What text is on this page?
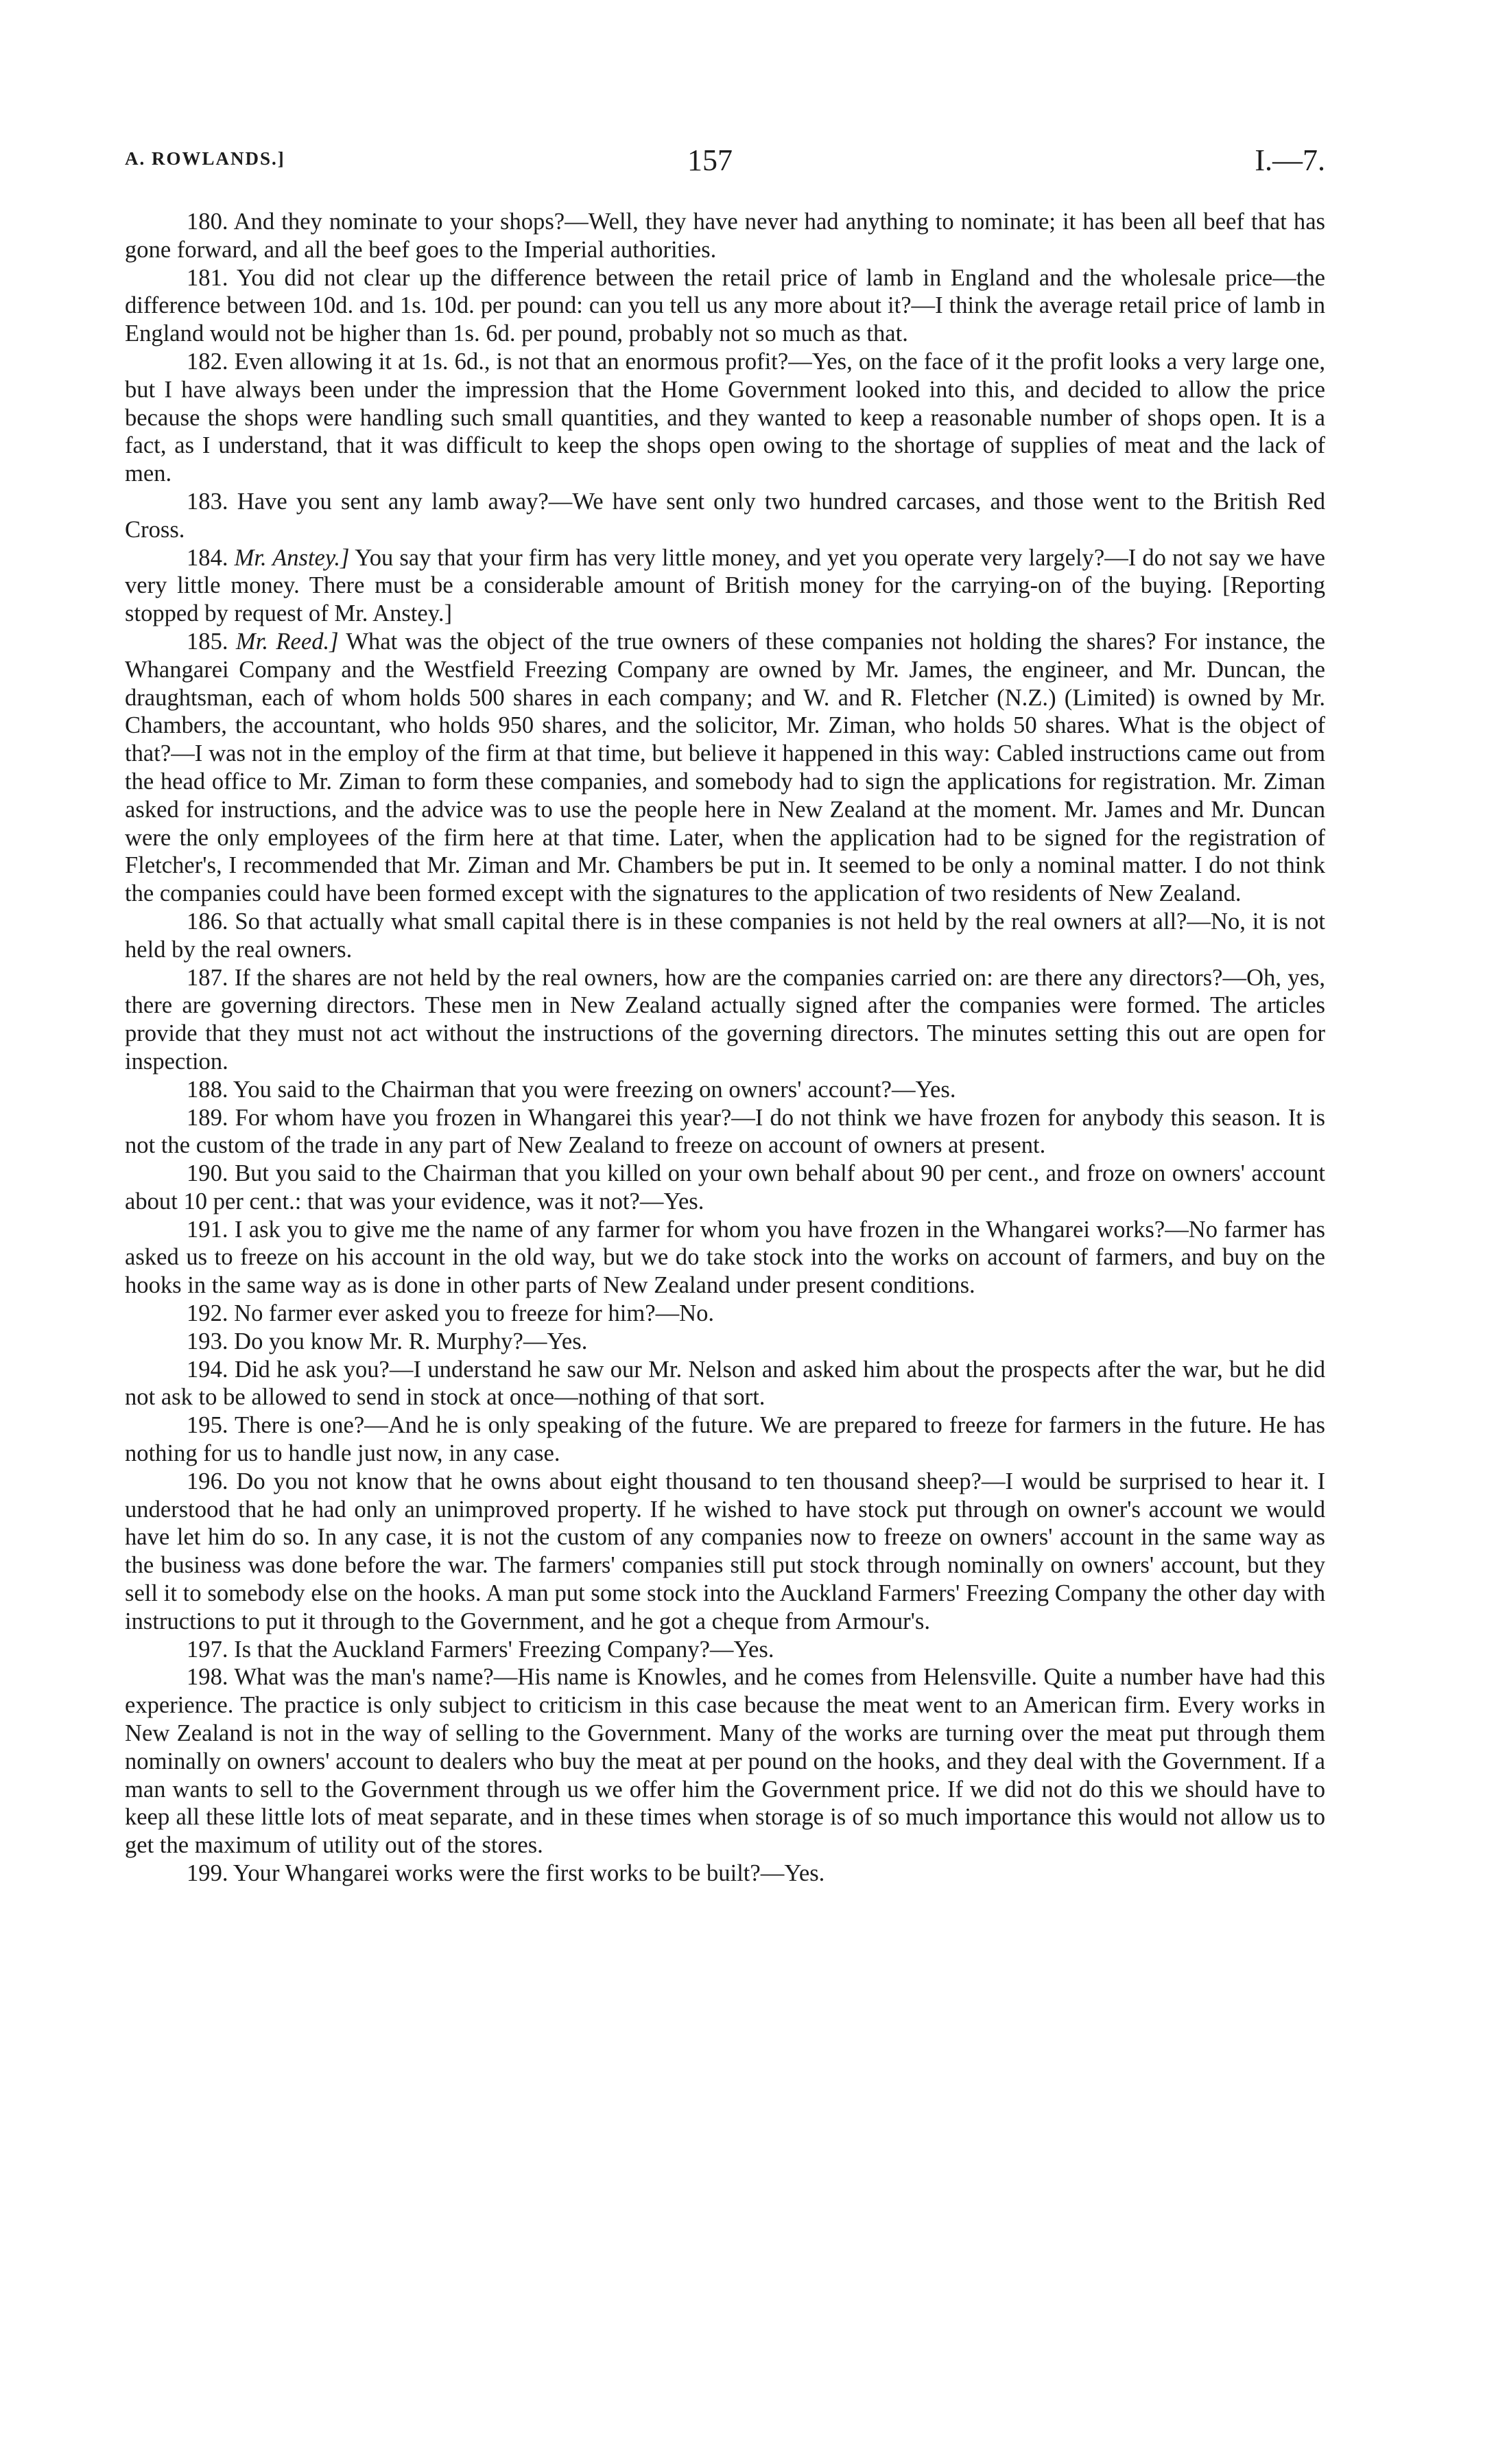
A. ROWLANDS.]	157	I.—7.

180. And they nominate to your shops?—Well, they have never had anything to nominate; it has been all beef that has gone forward, and all the beef goes to the Imperial authorities.

181. You did not clear up the difference between the retail price of lamb in England and the wholesale price—the difference between 10d. and 1s. 10d. per pound: can you tell us any more about it?—I think the average retail price of lamb in England would not be higher than 1s. 6d. per pound, probably not so much as that.

182. Even allowing it at 1s. 6d., is not that an enormous profit?—Yes, on the face of it the profit looks a very large one, but I have always been under the impression that the Home Government looked into this, and decided to allow the price because the shops were handling such small quantities, and they wanted to keep a reasonable number of shops open. It is a fact, as I understand, that it was difficult to keep the shops open owing to the shortage of supplies of meat and the lack of men.

183. Have you sent any lamb away?—We have sent only two hundred carcases, and those went to the British Red Cross.

184. Mr. Anstey.] You say that your firm has very little money, and yet you operate very largely?—I do not say we have very little money. There must be a considerable amount of British money for the carrying-on of the buying. [Reporting stopped by request of Mr. Anstey.]

185. Mr. Reed.] What was the object of the true owners of these companies not holding the shares? For instance, the Whangarei Company and the Westfield Freezing Company are owned by Mr. James, the engineer, and Mr. Duncan, the draughtsman, each of whom holds 500 shares in each company; and W. and R. Fletcher (N.Z.) (Limited) is owned by Mr. Chambers, the accountant, who holds 950 shares, and the solicitor, Mr. Ziman, who holds 50 shares. What is the object of that?—I was not in the employ of the firm at that time, but believe it happened in this way: Cabled instructions came out from the head office to Mr. Ziman to form these companies, and somebody had to sign the applications for registration. Mr. Ziman asked for instructions, and the advice was to use the people here in New Zealand at the moment. Mr. James and Mr. Duncan were the only employees of the firm here at that time. Later, when the application had to be signed for the registration of Fletcher's, I recommended that Mr. Ziman and Mr. Chambers be put in. It seemed to be only a nominal matter. I do not think the companies could have been formed except with the signatures to the application of two residents of New Zealand.

186. So that actually what small capital there is in these companies is not held by the real owners at all?—No, it is not held by the real owners.

187. If the shares are not held by the real owners, how are the companies carried on: are there any directors?—Oh, yes, there are governing directors. These men in New Zealand actually signed after the companies were formed. The articles provide that they must not act without the instructions of the governing directors. The minutes setting this out are open for inspection.

188. You said to the Chairman that you were freezing on owners' account?—Yes.

189. For whom have you frozen in Whangarei this year?—I do not think we have frozen for anybody this season. It is not the custom of the trade in any part of New Zealand to freeze on account of owners at present.

190. But you said to the Chairman that you killed on your own behalf about 90 per cent., and froze on owners' account about 10 per cent.: that was your evidence, was it not?—Yes.

191. I ask you to give me the name of any farmer for whom you have frozen in the Whangarei works?—No farmer has asked us to freeze on his account in the old way, but we do take stock into the works on account of farmers, and buy on the hooks in the same way as is done in other parts of New Zealand under present conditions.

192. No farmer ever asked you to freeze for him?—No.

193. Do you know Mr. R. Murphy?—Yes.

194. Did he ask you?—I understand he saw our Mr. Nelson and asked him about the prospects after the war, but he did not ask to be allowed to send in stock at once—nothing of that sort.

195. There is one?—And he is only speaking of the future. We are prepared to freeze for farmers in the future. He has nothing for us to handle just now, in any case.

196. Do you not know that he owns about eight thousand to ten thousand sheep?—I would be surprised to hear it. I understood that he had only an unimproved property. If he wished to have stock put through on owner's account we would have let him do so. In any case, it is not the custom of any companies now to freeze on owners' account in the same way as the business was done before the war. The farmers' companies still put stock through nominally on owners' account, but they sell it to somebody else on the hooks. A man put some stock into the Auckland Farmers' Freezing Company the other day with instructions to put it through to the Government, and he got a cheque from Armour's.

197. Is that the Auckland Farmers' Freezing Company?—Yes.

198. What was the man's name?—His name is Knowles, and he comes from Helensville. Quite a number have had this experience. The practice is only subject to criticism in this case because the meat went to an American firm. Every works in New Zealand is not in the way of selling to the Government. Many of the works are turning over the meat put through them nominally on owners' account to dealers who buy the meat at per pound on the hooks, and they deal with the Government. If a man wants to sell to the Government through us we offer him the Government price. If we did not do this we should have to keep all these little lots of meat separate, and in these times when storage is of so much importance this would not allow us to get the maximum of utility out of the stores.

199. Your Whangarei works were the first works to be built?—Yes.
